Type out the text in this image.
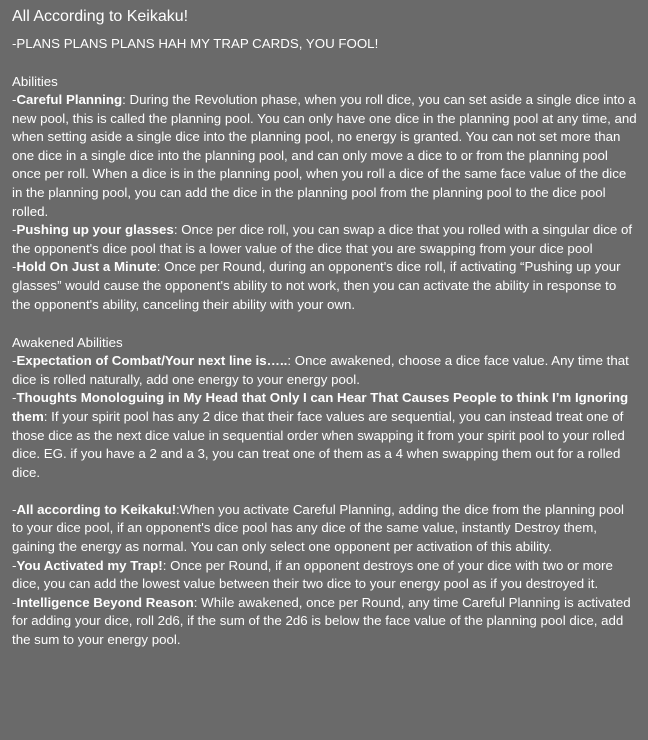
All According to Keikaku!

-PLANS PLANS PLANS HAH MY TRAP CARDS, YOU FOOL!

Abilities

-Careful Planning: During the Revolution phase, when you roll dice, you can set aside a single dice into a new pool, this is called the planning pool. You can only have one dice in the planning pool at any time, and when setting aside a single dice into the planning pool, no energy is granted. You can not set more than one dice in a single dice into the planning pool, and can only move a dice to or from the planning pool once per roll. When a dice is in the planning pool, when you roll a dice of the same face value of the dice in the planning pool, you can add the dice in the planning pool from the planning pool to the dice pool rolled.

-Pushing up your glasses: Once per dice roll, you can swap a dice that you rolled with a singular dice of the opponent's dice pool that is a lower value of the dice that you are swapping from your dice pool

-Hold On Just a Minute: Once per Round, during an opponent's dice roll, if activating “Pushing up your glasses” would cause the opponent's ability to not work, then you can activate the ability in response to the opponent's ability, canceling their ability with your own.

Awakened Abilities

-Expectation of Combat/Your next line is…..: Once awakened, choose a dice face value. Any time that dice is rolled naturally, add one energy to your energy pool.

-Thoughts Monologuing in My Head that Only I can Hear That Causes People to think I’m Ignoring them: If your spirit pool has any 2 dice that their face values are sequential, you can instead treat one of those dice as the next dice value in sequential order when swapping it from your spirit pool to your rolled dice. EG. if you have a 2 and a 3, you can treat one of them as a 4 when swapping them out for a rolled dice.

-All according to Keikaku!:When you activate Careful Planning, adding the dice from the planning pool to your dice pool, if an opponent's dice pool has any dice of the same value, instantly Destroy them, gaining the energy as normal. You can only select one opponent per activation of this ability.

-You Activated my Trap!: Once per Round, if an opponent destroys one of your dice with two or more dice, you can add the lowest value between their two dice to your energy pool as if you destroyed it.

-Intelligence Beyond Reason: While awakened, once per Round, any time Careful Planning is activated for adding your dice, roll 2d6, if the sum of the 2d6 is below the face value of the planning pool dice, add the sum to your energy pool.
